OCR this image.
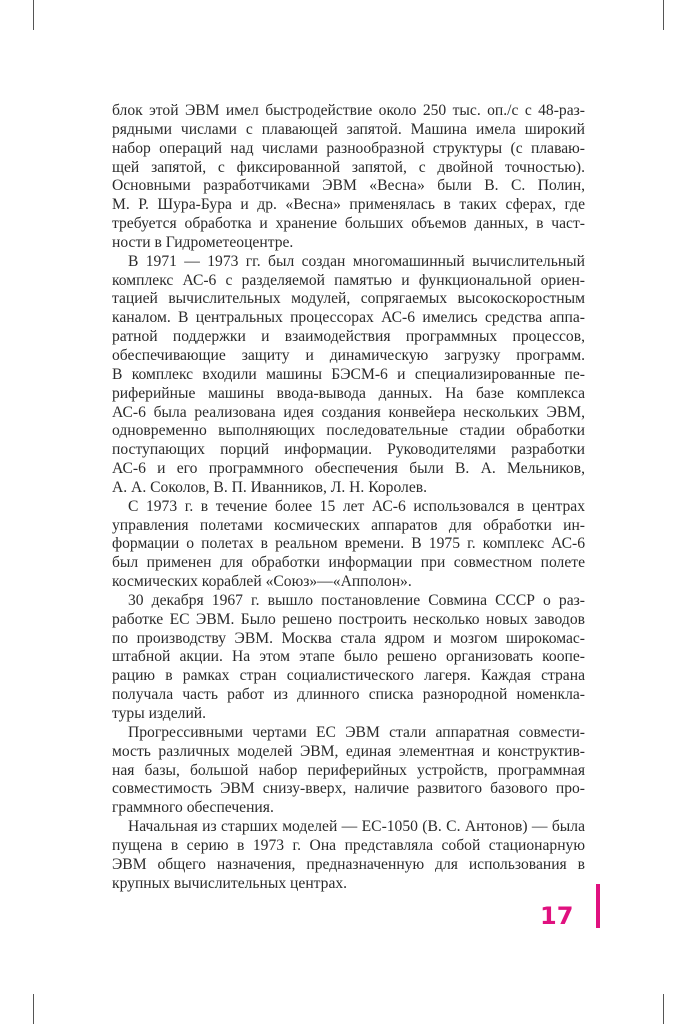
блок этой ЭВМ имел быстродействие около 250 тыс. оп./с с 48-раз-
рядными числами с плавающей запятой. Машина имела широкий
набор операций над числами разнообразной структуры (с плаваю-
щей запятой, с фиксированной запятой, с двойной точностью).
Основными разработчиками ЭВМ «Весна» были В. С. Полин,
М. Р. Шура-Бура и др. «Весна» применялась в таких сферах, где
требуется обработка и хранение больших объемов данных, в част-
ности в Гидрометеоцентре.
В 1971 — 1973 гг. был создан многомашинный вычислительный
комплекс АС-6 с разделяемой памятью и функциональной ориен-
тацией вычислительных модулей, сопрягаемых высокоскоростным
каналом. В центральных процессорах АС-6 имелись средства аппа-
ратной поддержки и взаимодействия программных процессов,
обеспечивающие защиту и динамическую загрузку программ.
В комплекс входили машины БЭСМ-6 и специализированные пе-
риферийные машины ввода-вывода данных. На базе комплекса
АС-6 была реализована идея создания конвейера нескольких ЭВМ,
одновременно выполняющих последовательные стадии обработки
поступающих порций информации. Руководителями разработки
АС-6 и его программного обеспечения были В. А. Мельников,
А. А. Соколов, В. П. Иванников, Л. Н. Королев.
С 1973 г. в течение более 15 лет АС-6 использовался в центрах
управления полетами космических аппаратов для обработки ин-
формации о полетах в реальном времени. В 1975 г. комплекс АС-6
был применен для обработки информации при совместном полете
космических кораблей «Союз»—«Апполон».
30 декабря 1967 г. вышло постановление Совмина СССР о раз-
работке ЕС ЭВМ. Было решено построить несколько новых заводов
по производству ЭВМ. Москва стала ядром и мозгом широкомас-
штабной акции. На этом этапе было решено организовать коопе-
рацию в рамках стран социалистического лагеря. Каждая страна
получала часть работ из длинного списка разнородной номенкла-
туры изделий.
Прогрессивными чертами ЕС ЭВМ стали аппаратная совмести-
мость различных моделей ЭВМ, единая элементная и конструктив-
ная базы, большой набор периферийных устройств, программная
совместимость ЭВМ снизу-вверх, наличие развитого базового про-
граммного обеспечения.
Начальная из старших моделей — ЕС-1050 (В. С. Антонов) — была
пущена в серию в 1973 г. Она представляла собой стационарную
ЭВМ общего назначения, предназначенную для использования в
крупных вычислительных центрах.
17
